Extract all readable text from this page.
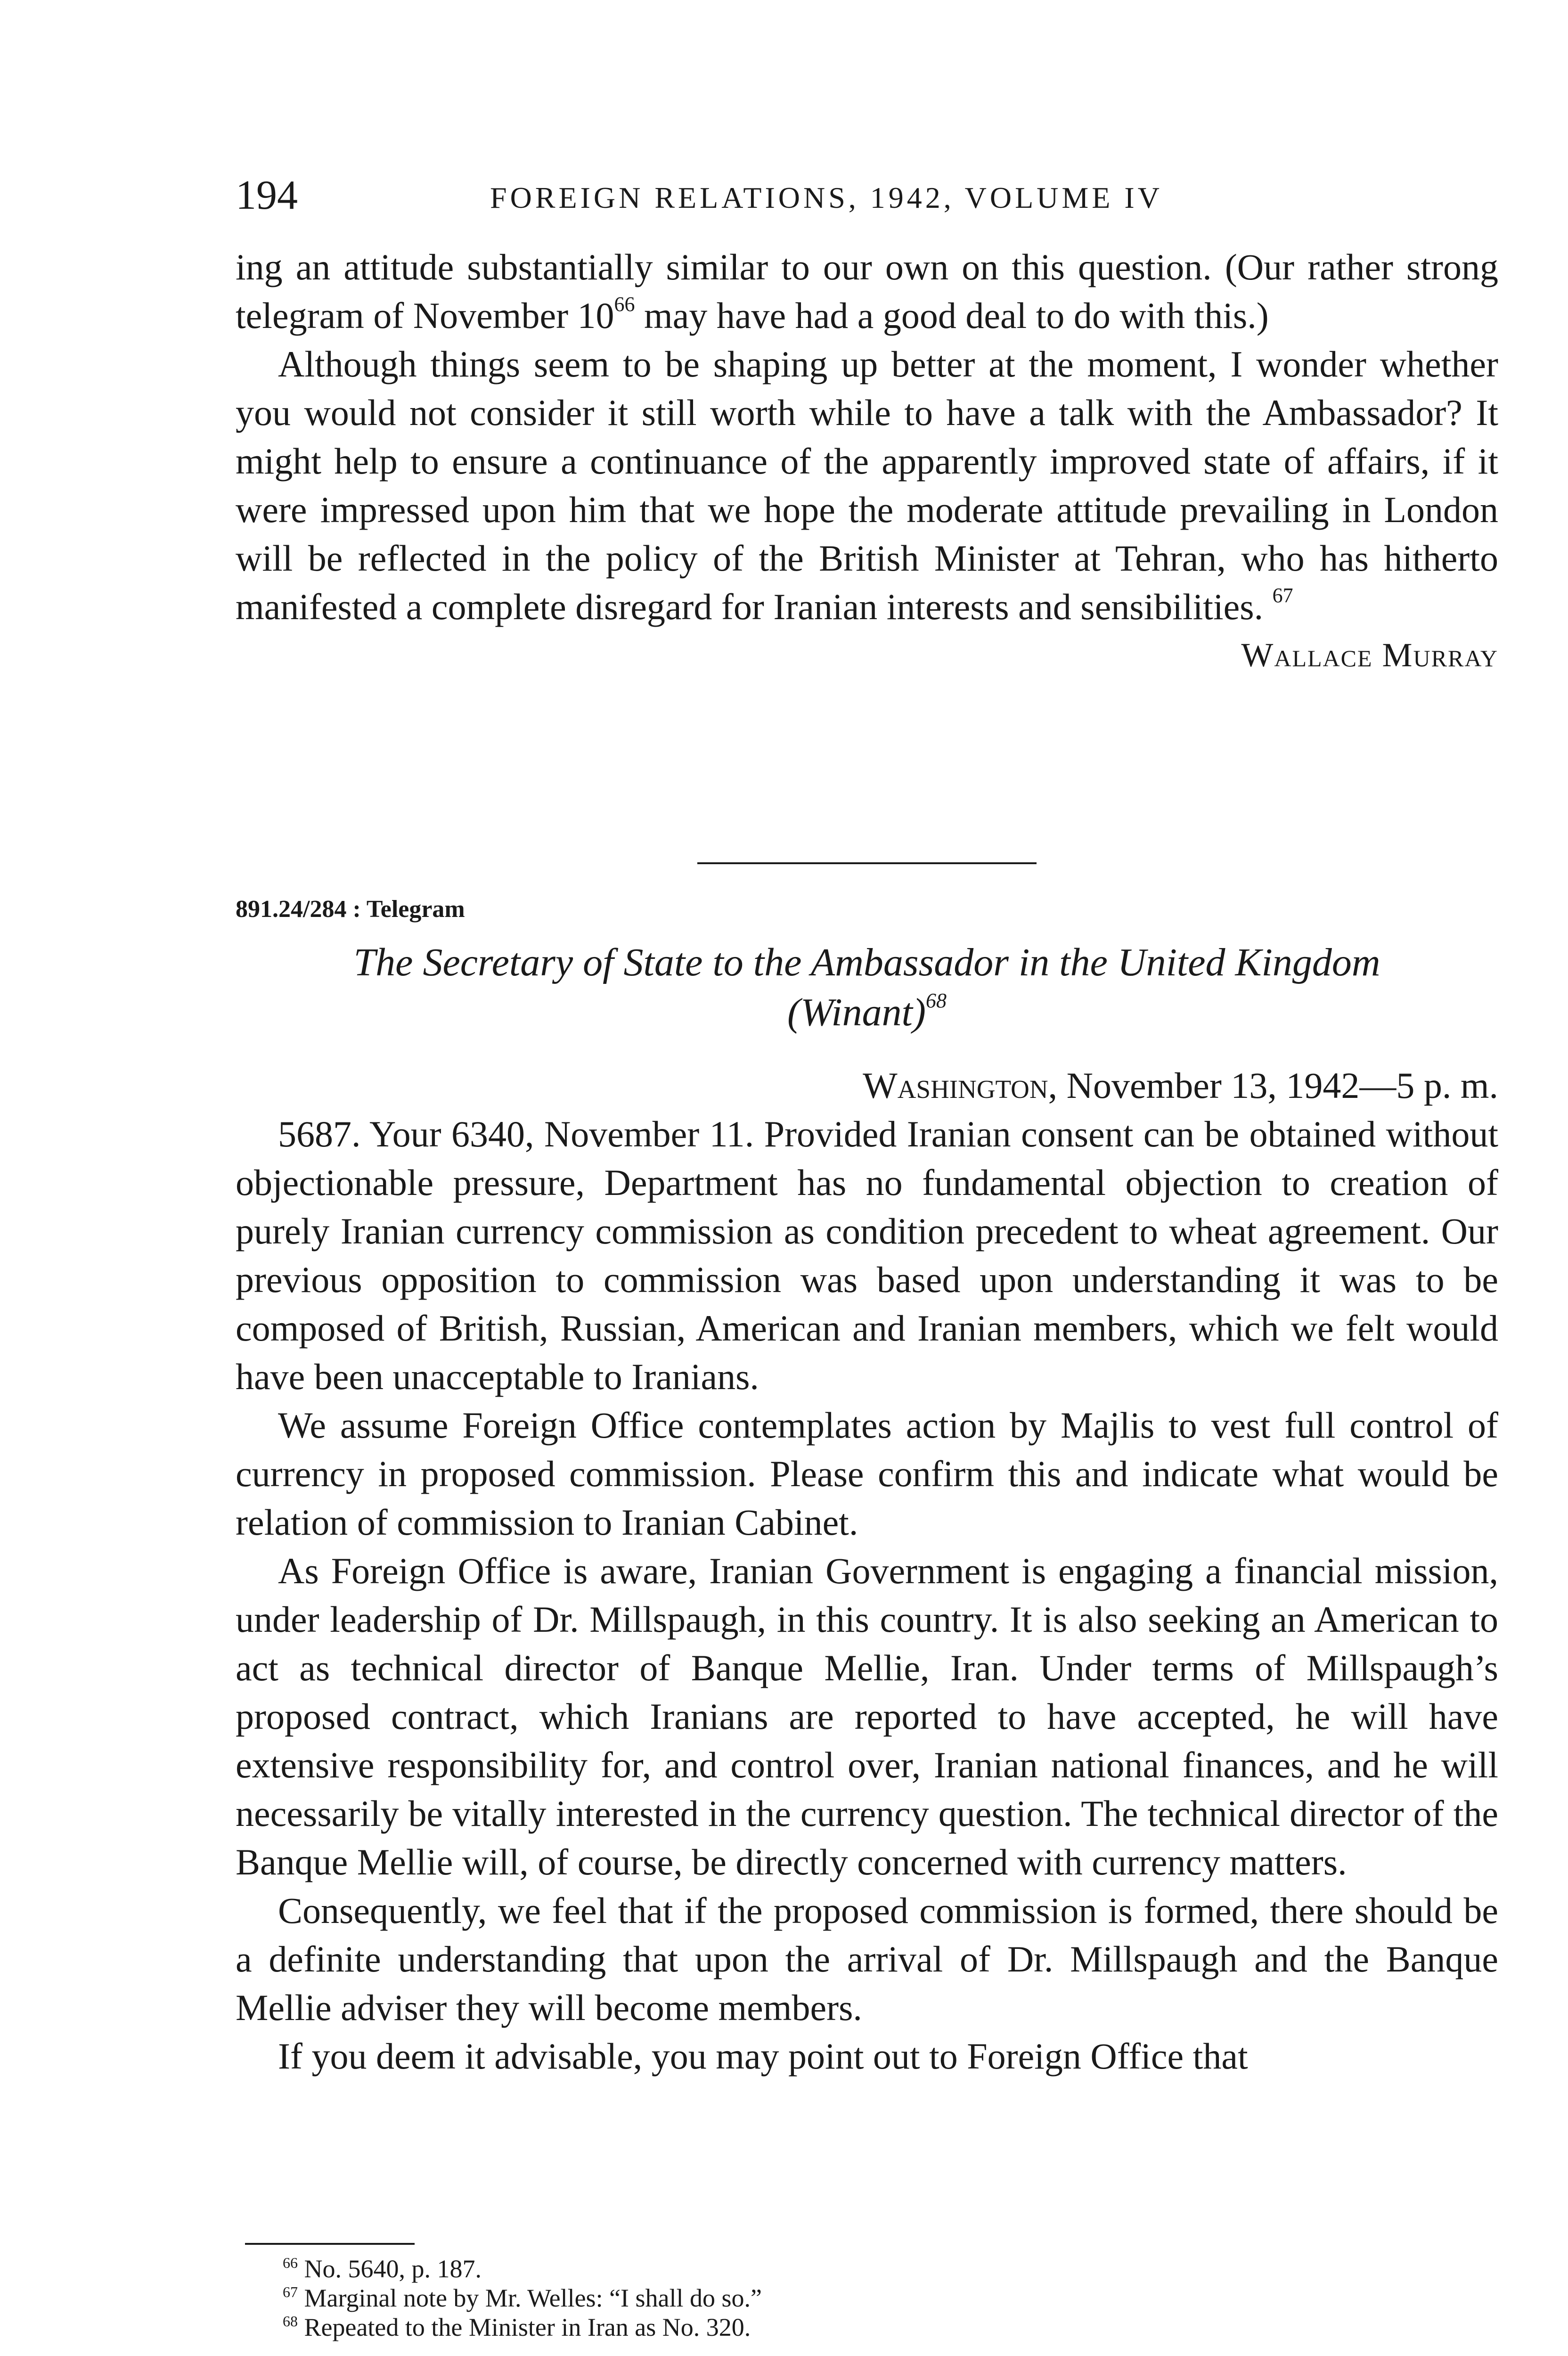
194	FOREIGN RELATIONS, 1942, VOLUME IV

ing an attitude substantially similar to our own on this question. (Our rather strong telegram of November $10^{66}$ may have had a good deal to do with this.)

Although things seem to be shaping up better at the moment, I wonder whether you would not consider it still worth while to have a talk with the Ambassador? It might help to ensure a continuance of the apparently improved state of affairs, if it were impressed upon him that we hope the moderate attitude prevailing in London will be reflected in the policy of the British Minister at Tehran, who has hitherto manifested a complete disregard for Iranian interests and sensibilities. $^{67}$

Wallace Murray
891.24/284 : Telegram
The Secretary of State to the Ambassador in the United Kingdom
(Winant)$^{68}$
Washington, November 13, 1942—5 p. m.

5687. Your 6340, November 11. Provided Iranian consent can be obtained without objectionable pressure, Department has no fundamental objection to creation of purely Iranian currency commission as condition precedent to wheat agreement. Our previous opposition to commission was based upon understanding it was to be composed of British, Russian, American and Iranian members, which we felt would have been unacceptable to Iranians.

We assume Foreign Office contemplates action by Majlis to vest full control of currency in proposed commission. Please confirm this and indicate what would be relation of commission to Iranian Cabinet.

As Foreign Office is aware, Iranian Government is engaging a financial mission, under leadership of Dr. Millspaugh, in this country. It is also seeking an American to act as technical director of Banque Mellie, Iran. Under terms of Millspaugh’s proposed contract, which Iranians are reported to have accepted, he will have extensive responsibility for, and control over, Iranian national finances, and he will necessarily be vitally interested in the currency question. The technical director of the Banque Mellie will, of course, be directly concerned with currency matters.

Consequently, we feel that if the proposed commission is formed, there should be a definite understanding that upon the arrival of Dr. Millspaugh and the Banque Mellie adviser they will become members.

If you deem it advisable, you may point out to Foreign Office that

$^{66}$ No. 5640, p. 187.

$^{67}$ Marginal note by Mr. Welles: “I shall do so.”

$^{68}$ Repeated to the Minister in Iran as No. 320.
